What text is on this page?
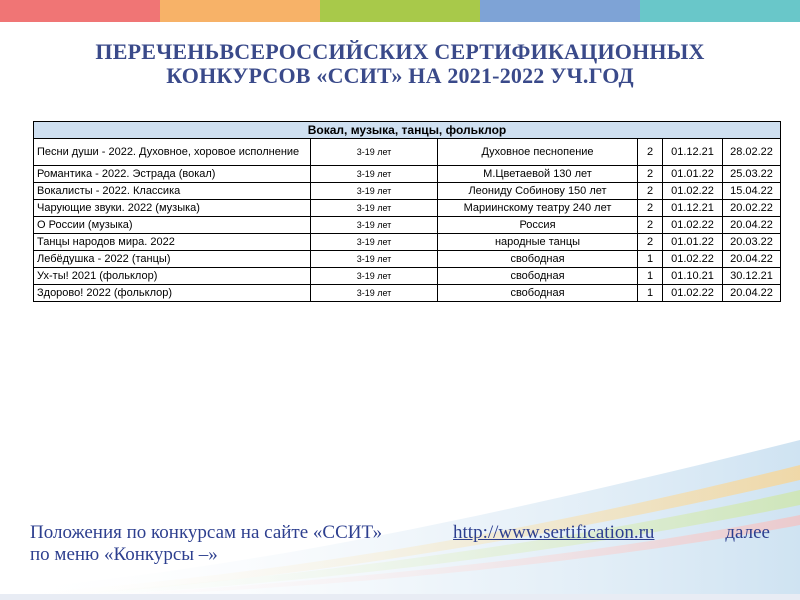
ПЕРЕЧЕНЬВСЕРОССИЙСКИХ СЕРТИФИКАЦИОННЫХ
КОНКУРСОВ «ССИТ» НА 2021-2022 УЧ.ГОД
Вокал, музыка, танцы, фольклор					
Песни души - 2022. Духовное, хоровое исполнение	3-19 лет	Духовное песнопение	2	01.12.21	28.02.22
Романтика - 2022. Эстрада (вокал)	3-19 лет	М.Цветаевой 130 лет	2	01.01.22	25.03.22
Вокалисты - 2022. Классика	3-19 лет	Леониду Собинову 150 лет	2	01.02.22	15.04.22
Чарующие звуки. 2022 (музыка)	3-19 лет	Мариинскому театру 240 лет	2	01.12.21	20.02.22
О России (музыка)	3-19 лет	Россия	2	01.02.22	20.04.22
Танцы народов мира. 2022	3-19 лет	народные танцы	2	01.01.22	20.03.22
Лебёдушка - 2022 (танцы)	3-19 лет	свободная	1	01.02.22	20.04.22
Ух-ты! 2021 (фольклор)	3-19 лет	свободная	1	01.10.21	30.12.21
Здорово! 2022 (фольклор)	3-19 лет	свободная	1	01.02.22	20.04.22
Положения по конкурсам на сайте «ССИТ»	http://www.sertification.ru	далее
по меню «Конкурсы –»
